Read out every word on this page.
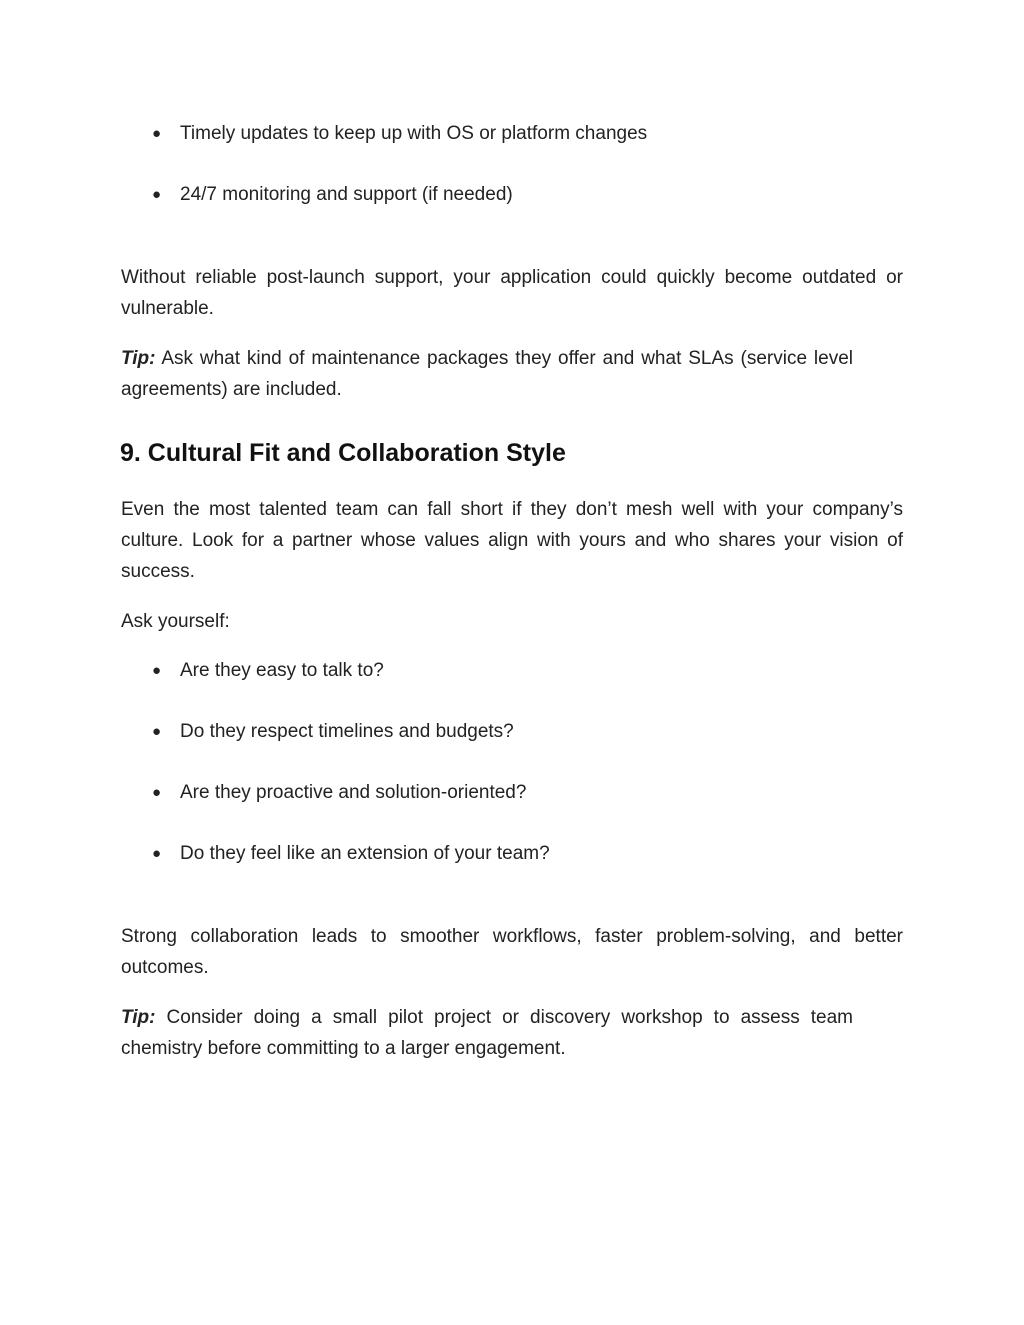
● Timely updates to keep up with OS or platform changes
● 24/7 monitoring and support (if needed)

Without reliable post-launch support, your application could quickly become outdated or vulnerable.

Tip: Ask what kind of maintenance packages they offer and what SLAs (service level agreements) are included.

9. Cultural Fit and Collaboration Style

Even the most talented team can fall short if they don’t mesh well with your company’s culture. Look for a partner whose values align with yours and who shares your vision of success.

Ask yourself:

● Are they easy to talk to?
● Do they respect timelines and budgets?
● Are they proactive and solution-oriented?
● Do they feel like an extension of your team?

Strong collaboration leads to smoother workflows, faster problem-solving, and better outcomes.

Tip: Consider doing a small pilot project or discovery workshop to assess team chemistry before committing to a larger engagement.
